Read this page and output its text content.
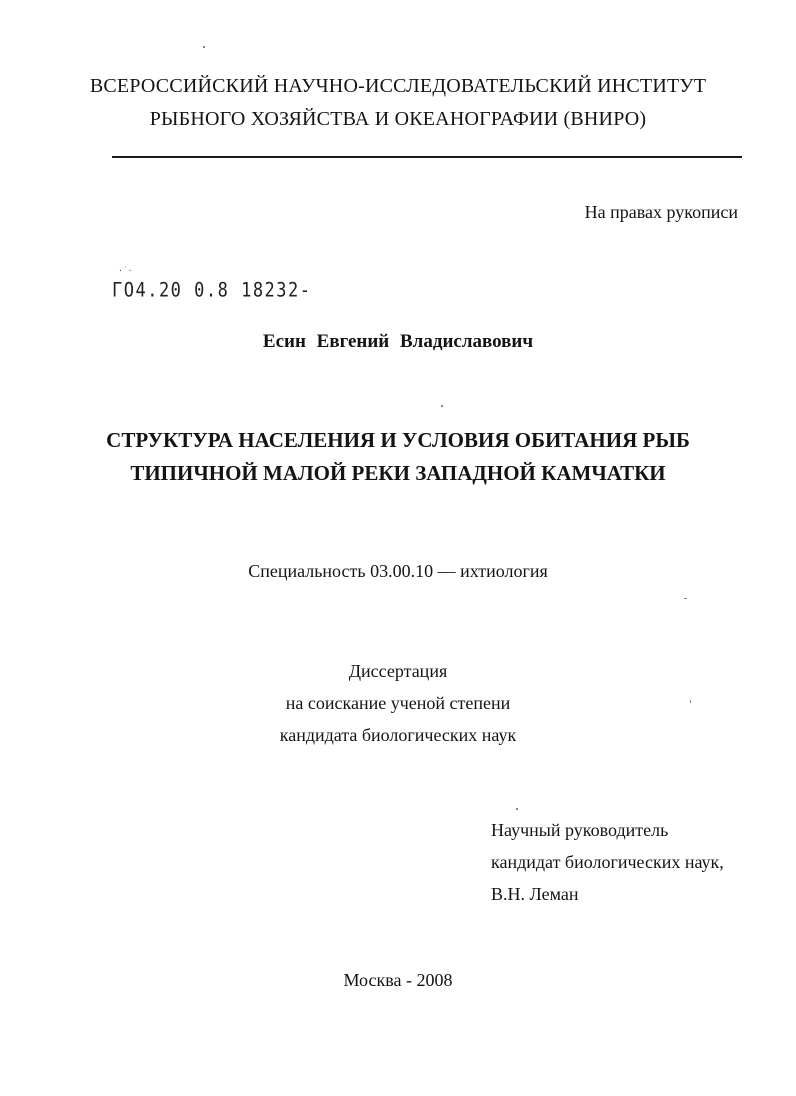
ВСЕРОССИЙСКИЙ НАУЧНО-ИССЛЕДОВАТЕЛЬСКИЙ ИНСТИТУТ
РЫБНОГО ХОЗЯЙСТВА И ОКЕАНОГРАФИИ (ВНИРО)
На правах рукописи
·˙·
ГО4.20 0.8 18232-
Есин Евгений Владиславович
СТРУКТУРА НАСЕЛЕНИЯ И УСЛОВИЯ ОБИТАНИЯ РЫБ
ТИПИЧНОЙ МАЛОЙ РЕКИ ЗАПАДНОЙ КАМЧАТКИ
Специальность 03.00.10 — ихтиология
Диссертация
на соискание ученой степени
кандидата биологических наук
Научный руководитель
кандидат биологических наук,
В.Н. Леман
Москва - 2008
